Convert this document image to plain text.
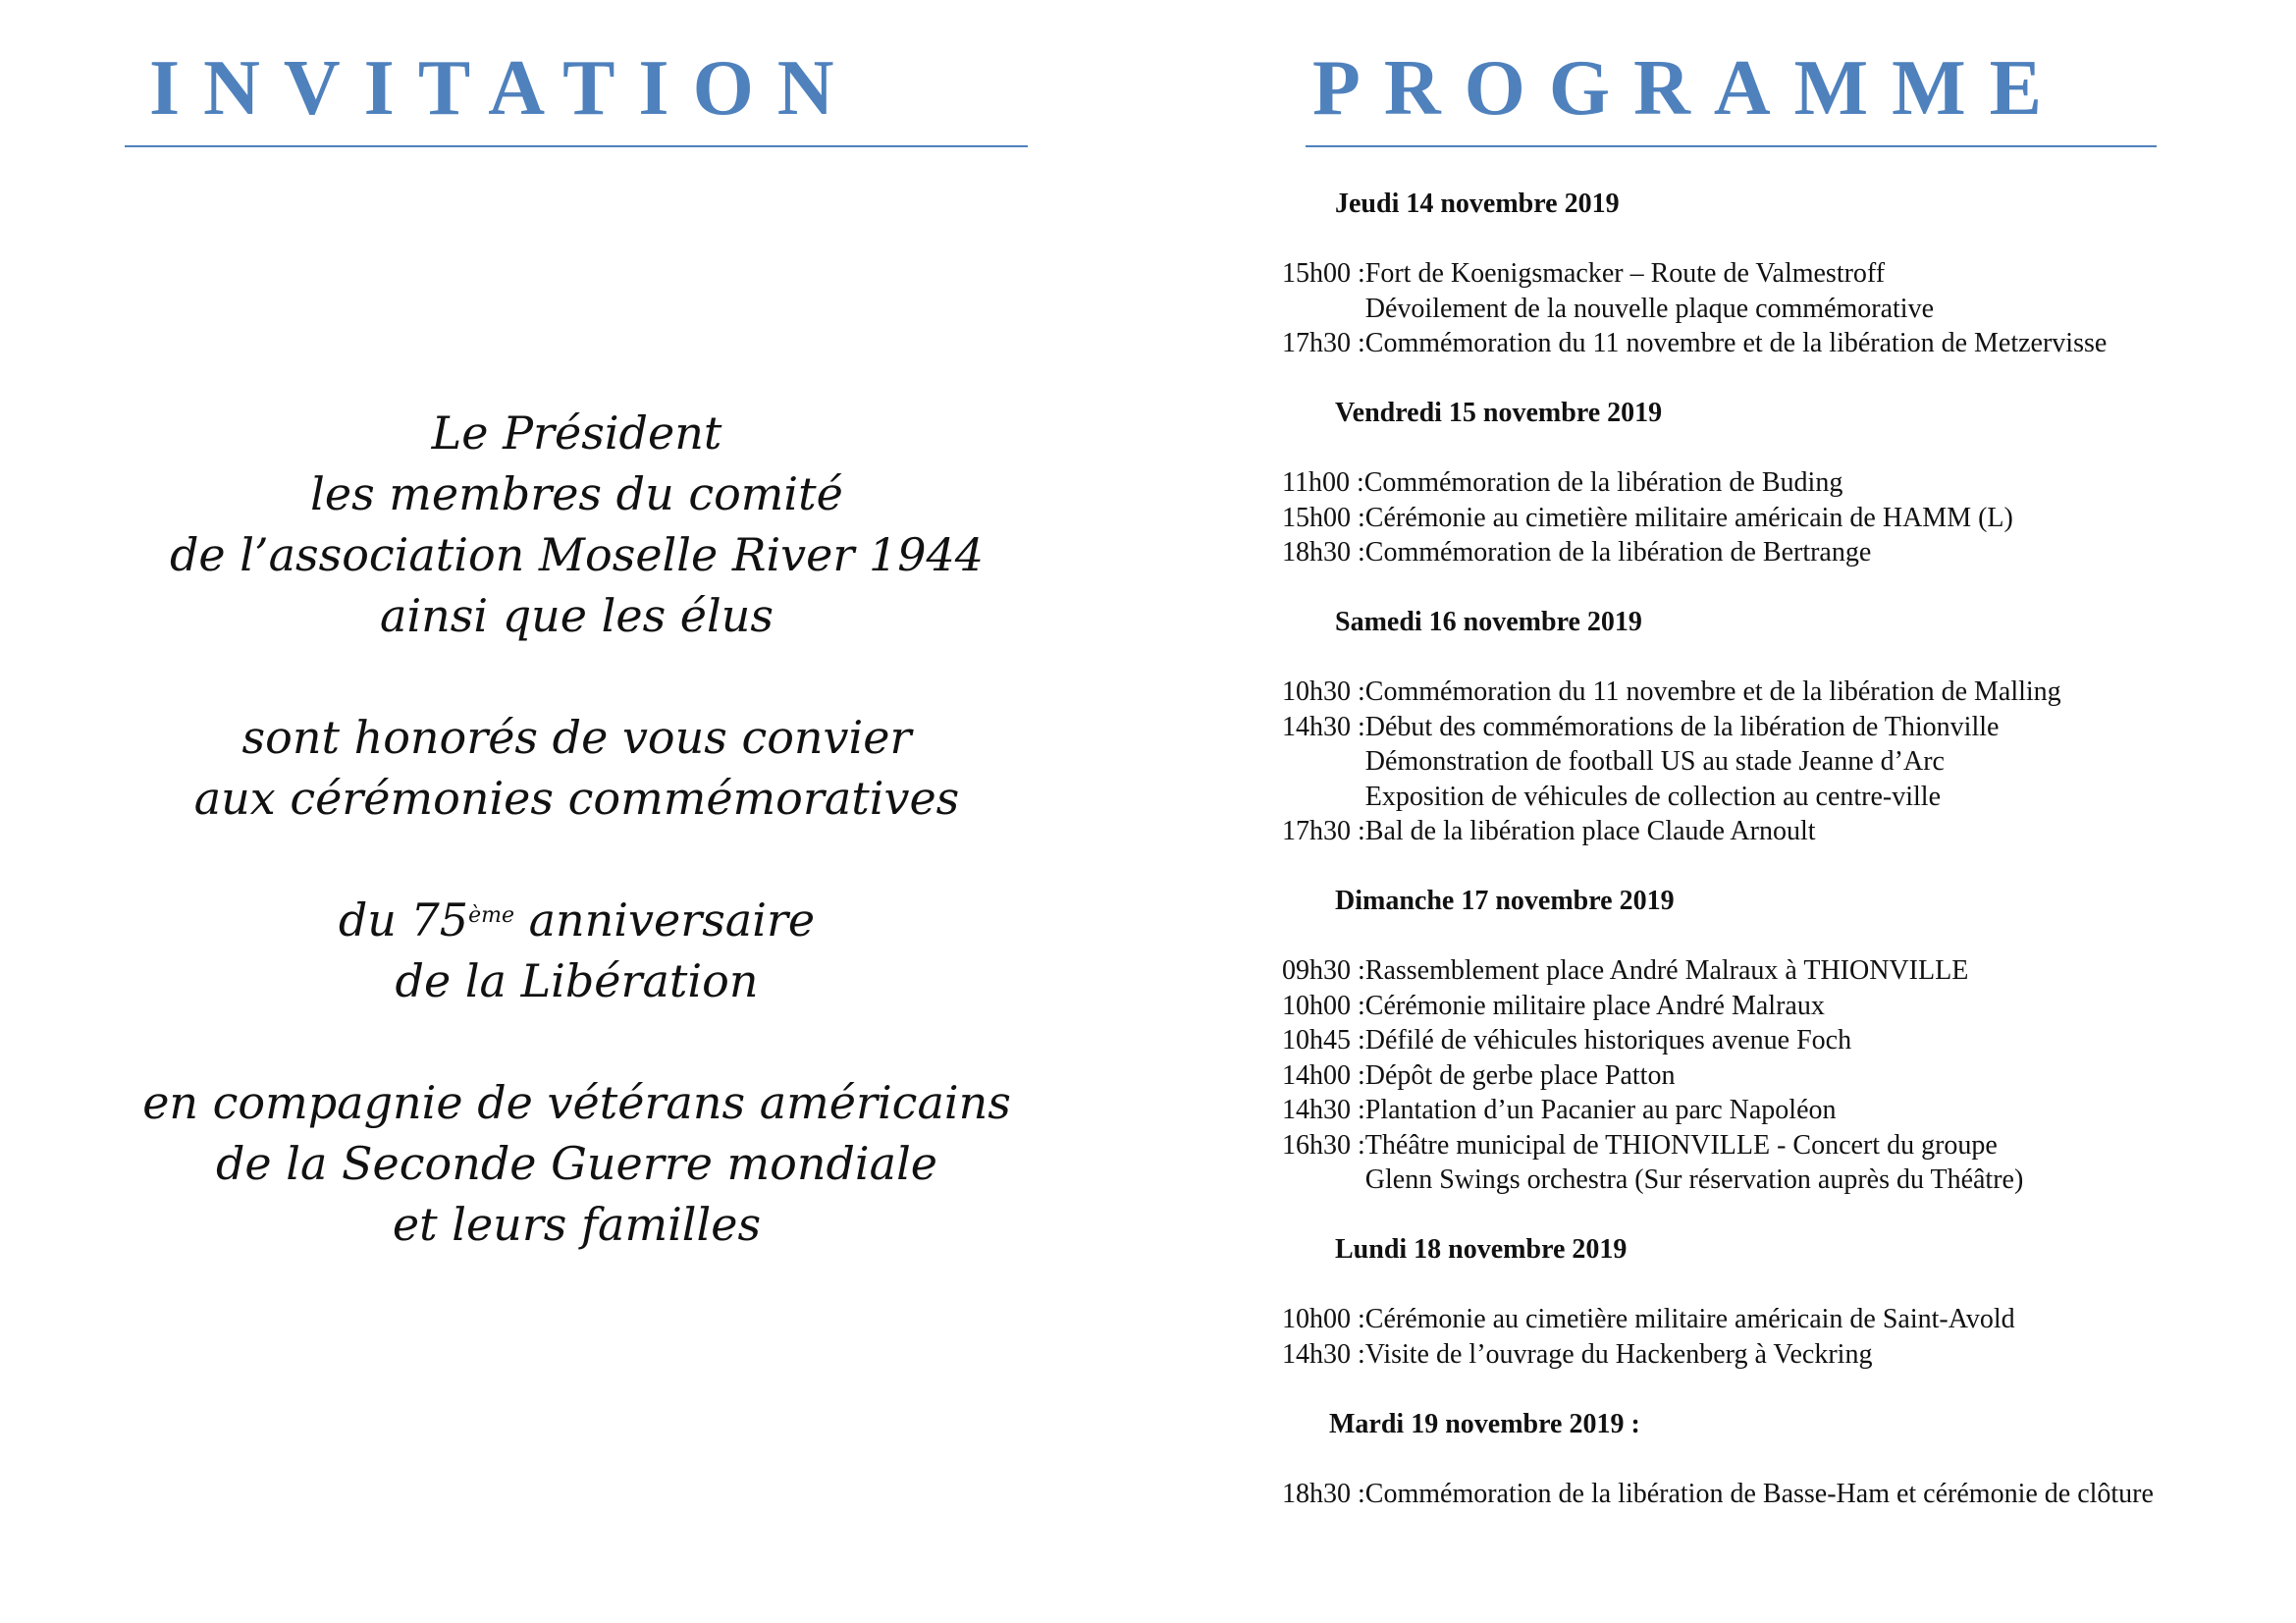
INVITATION	PROGRAMME
Le Président
les membres du comité
de l’association Moselle River 1944
ainsi que les élus
sont honorés de vous convier
aux cérémonies commémoratives
du 75ème anniversaire
de la Libération
en compagnie de vétérans américains
de la Seconde Guerre mondiale
et leurs familles
Jeudi 14 novembre 2019
15h00 : Fort de Koenigsmacker – Route de Valmestroff
Dévoilement de la nouvelle plaque commémorative
17h30 : Commémoration du 11 novembre et de la libération de Metzervisse
Vendredi 15 novembre 2019
11h00 : Commémoration de la libération de Buding
15h00 : Cérémonie au cimetière militaire américain de HAMM (L)
18h30 : Commémoration de la libération de Bertrange
Samedi 16 novembre 2019
10h30 : Commémoration du 11 novembre et de la libération de Malling
14h30 : Début des commémorations de la libération de Thionville
Démonstration de football US au stade Jeanne d’Arc
Exposition de véhicules de collection au centre-ville
17h30 : Bal de la libération place Claude Arnoult
Dimanche 17 novembre 2019
09h30 : Rassemblement place André Malraux à THIONVILLE
10h00 : Cérémonie militaire place André Malraux
10h45 : Défilé de véhicules historiques avenue Foch
14h00 : Dépôt de gerbe place Patton
14h30 : Plantation d’un Pacanier au parc Napoléon
16h30 : Théâtre municipal de THIONVILLE - Concert du groupe
Glenn Swings orchestra (Sur réservation auprès du Théâtre)
Lundi 18 novembre 2019
10h00 : Cérémonie au cimetière militaire américain de Saint-Avold
14h30 : Visite de l’ouvrage du Hackenberg à Veckring
Mardi 19 novembre 2019 :
18h30 : Commémoration de la libération de Basse-Ham et cérémonie de clôture
